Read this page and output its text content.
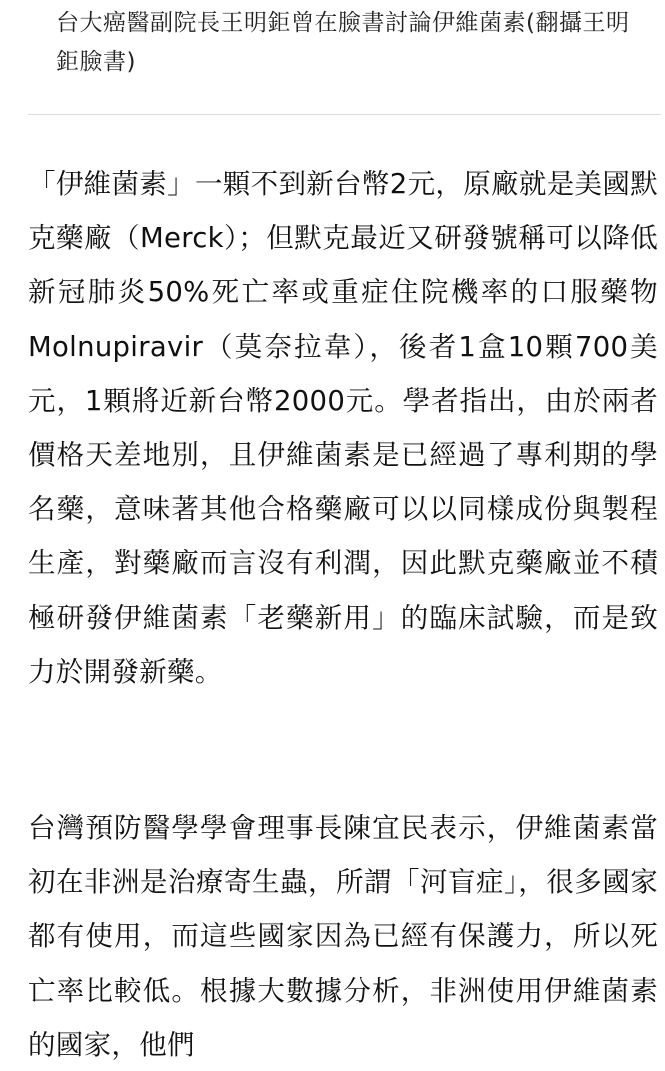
台大癌醫副院長王明鉅曾在臉書討論伊維菌素(翻攝王明鉅臉書)

「伊維菌素」一顆不到新台幣2元，原廠就是美國默克藥廠（Merck）；但默克最近又研發號稱可以降低新冠肺炎50%死亡率或重症住院機率的口服藥物Molnupiravir（莫奈拉韋），後者1盒10顆700美元，1顆將近新台幣2000元。學者指出，由於兩者價格天差地別，且伊維菌素是已經過了專利期的學名藥，意味著其他合格藥廠可以以同樣成份與製程生產，對藥廠而言沒有利潤，因此默克藥廠並不積極研發伊維菌素「老藥新用」的臨床試驗，而是致力於開發新藥。

台灣預防醫學學會理事長陳宜民表示，伊維菌素當初在非洲是治療寄生蟲，所謂「河盲症」，很多國家都有使用，而這些國家因為已經有保護力，所以死亡率比較低。根據大數據分析，非洲使用伊維菌素的國家，他們
